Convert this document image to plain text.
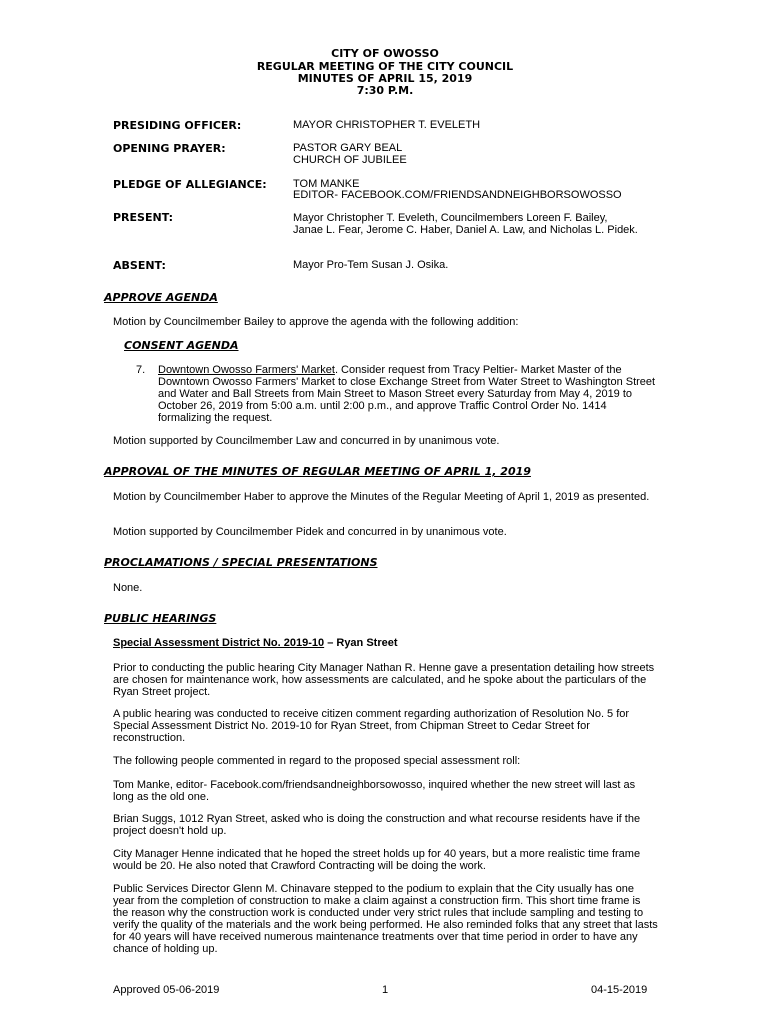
CITY OF OWOSSO
REGULAR MEETING OF THE CITY COUNCIL
MINUTES OF APRIL 15, 2019
7:30 P.M.
PRESIDING OFFICER:	MAYOR CHRISTOPHER T. EVELETH
OPENING PRAYER:	PASTOR GARY BEAL
CHURCH OF JUBILEE
PLEDGE OF ALLEGIANCE: TOM MANKE
EDITOR- FACEBOOK.COM/FRIENDSANDNEIGHBORSOWOSSO
PRESENT:	Mayor Christopher T. Eveleth, Councilmembers Loreen F. Bailey, Janae L. Fear, Jerome C. Haber, Daniel A. Law, and Nicholas L. Pidek.
ABSENT:	Mayor Pro-Tem Susan J. Osika.
APPROVE AGENDA
Motion by Councilmember Bailey to approve the agenda with the following addition:
CONSENT AGENDA
7. Downtown Owosso Farmers' Market. Consider request from Tracy Peltier- Market Master of the Downtown Owosso Farmers' Market to close Exchange Street from Water Street to Washington Street and Water and Ball Streets from Main Street to Mason Street every Saturday from May 4, 2019 to October 26, 2019 from 5:00 a.m. until 2:00 p.m., and approve Traffic Control Order No. 1414 formalizing the request.
Motion supported by Councilmember Law and concurred in by unanimous vote.
APPROVAL OF THE MINUTES OF REGULAR MEETING OF APRIL 1, 2019
Motion by Councilmember Haber to approve the Minutes of the Regular Meeting of April 1, 2019 as presented.
Motion supported by Councilmember Pidek and concurred in by unanimous vote.
PROCLAMATIONS / SPECIAL PRESENTATIONS
None.
PUBLIC HEARINGS
Special Assessment District No. 2019-10 – Ryan Street
Prior to conducting the public hearing City Manager Nathan R. Henne gave a presentation detailing how streets are chosen for maintenance work, how assessments are calculated, and he spoke about the particulars of the Ryan Street project.
A public hearing was conducted to receive citizen comment regarding authorization of Resolution No. 5 for Special Assessment District No. 2019-10 for Ryan Street, from Chipman Street to Cedar Street for reconstruction.
The following people commented in regard to the proposed special assessment roll:
Tom Manke, editor- Facebook.com/friendsandneighborsowosso, inquired whether the new street will last as long as the old one.
Brian Suggs, 1012 Ryan Street, asked who is doing the construction and what recourse residents have if the project doesn't hold up.
City Manager Henne indicated that he hoped the street holds up for 40 years, but a more realistic time frame would be 20. He also noted that Crawford Contracting will be doing the work.
Public Services Director Glenn M. Chinavare stepped to the podium to explain that the City usually has one year from the completion of construction to make a claim against a construction firm. This short time frame is the reason why the construction work is conducted under very strict rules that include sampling and testing to verify the quality of the materials and the work being performed. He also reminded folks that any street that lasts for 40 years will have received numerous maintenance treatments over that time period in order to have any chance of holding up.
Approved 05-06-2019	1	04-15-2019
